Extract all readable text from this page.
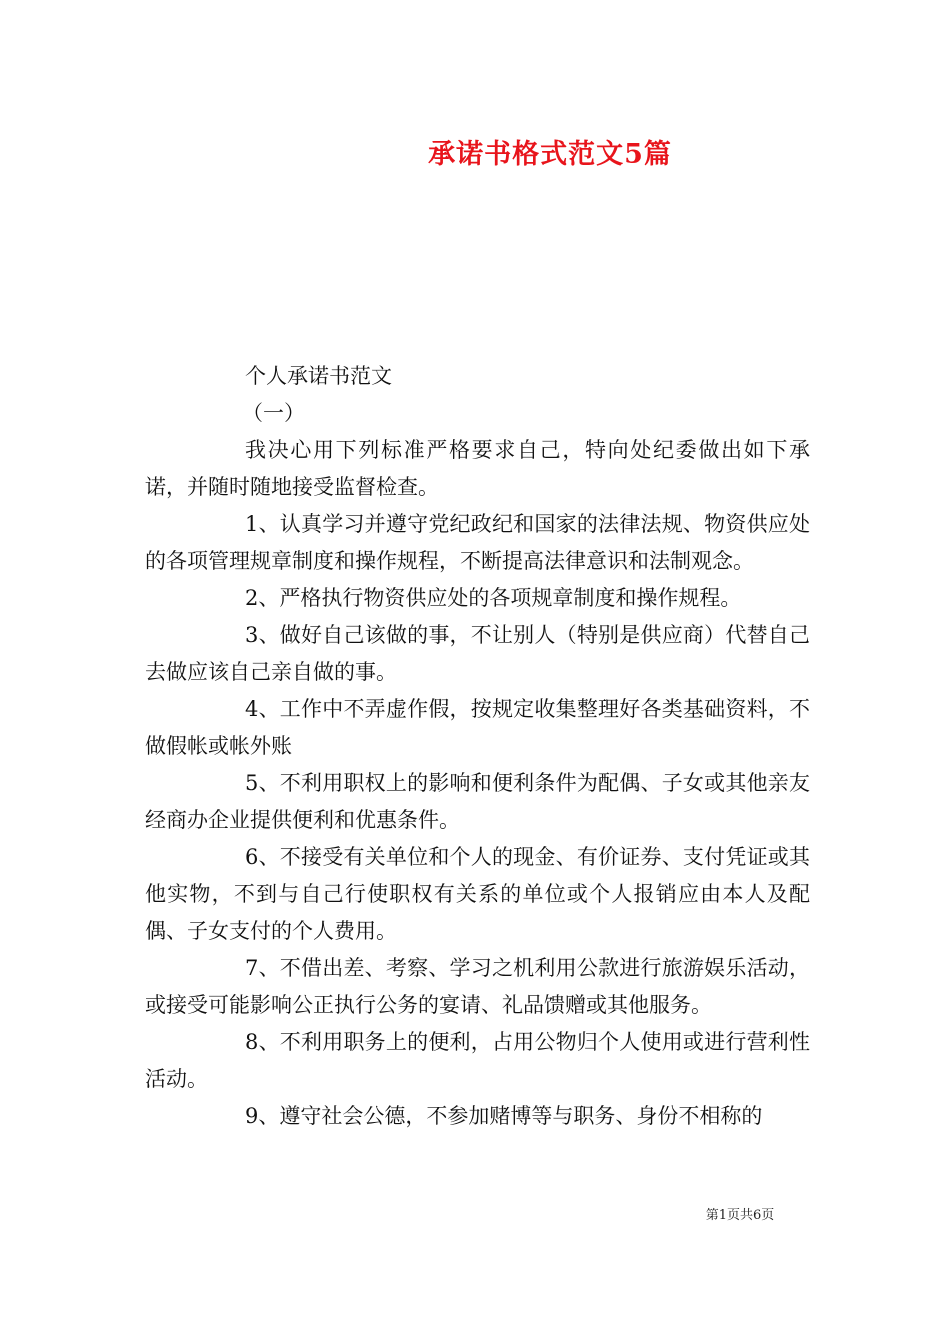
承诺书格式范文5篇

个人承诺书范文

（一）

我决心用下列标准严格要求自己，特向处纪委做出如下承诺，并随时随地接受监督检查。

1、认真学习并遵守党纪政纪和国家的法律法规、物资供应处的各项管理规章制度和操作规程，不断提高法律意识和法制观念。

2、严格执行物资供应处的各项规章制度和操作规程。

3、做好自己该做的事，不让别人（特别是供应商）代替自己去做应该自己亲自做的事。

4、工作中不弄虚作假，按规定收集整理好各类基础资料，不做假帐或帐外账

5、不利用职权上的影响和便利条件为配偶、子女或其他亲友经商办企业提供便利和优惠条件。

6、不接受有关单位和个人的现金、有价证券、支付凭证或其他实物，不到与自己行使职权有关系的单位或个人报销应由本人及配偶、子女支付的个人费用。

7、不借出差、考察、学习之机利用公款进行旅游娱乐活动，或接受可能影响公正执行公务的宴请、礼品馈赠或其他服务。

8、不利用职务上的便利，占用公物归个人使用或进行营利性活动。

9、遵守社会公德，不参加赌博等与职务、身份不相称的

第1页共6页
